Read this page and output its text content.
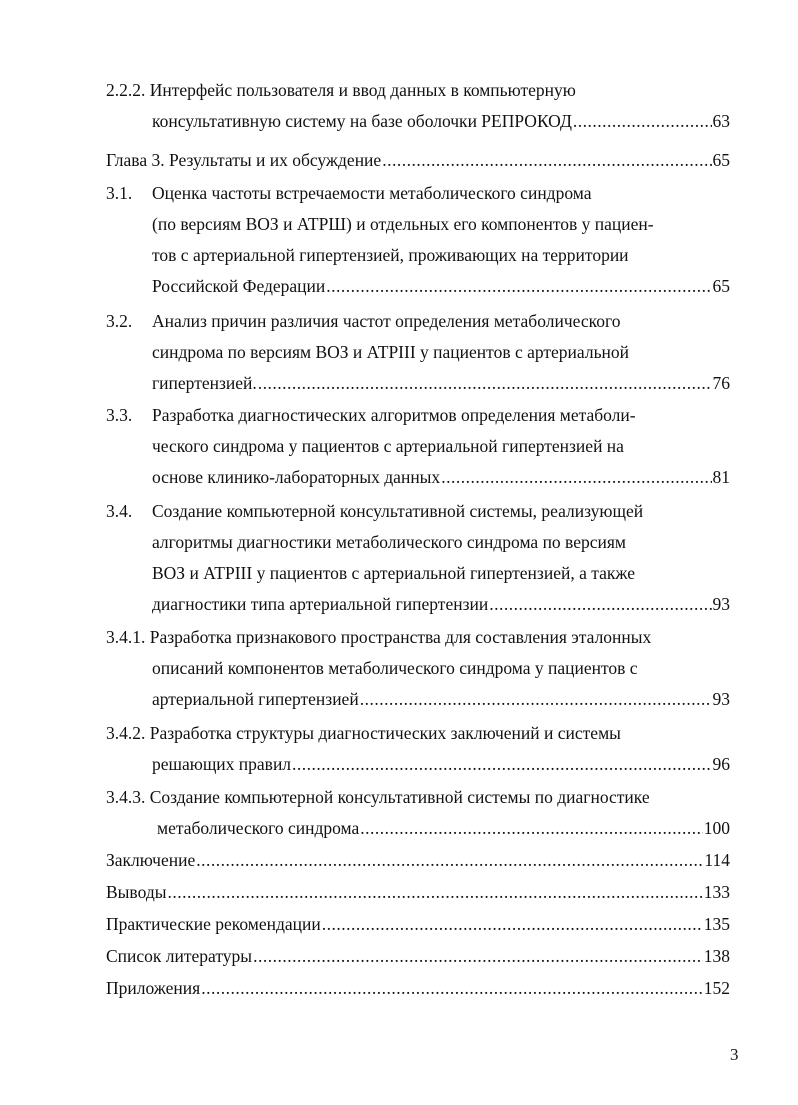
2.2.2. Интерфейс пользователя и ввод данных в компьютерную
консультативную систему на базе оболочки РЕПРОКОД .....	63
Глава 3. Результаты и их обсуждение .....	65
3.1. Оценка частоты встречаемости метаболического синдрома
(по версиям ВОЗ и АТРШ) и отдельных его компонентов у пациен-
тов с артериальной гипертензией, проживающих на территории
Российской Федерации .....	65
3.2. Анализ причин различия частот определения метаболического
синдрома по версиям ВОЗ и АТРIII у пациентов с артериальной
гипертензией. .....	76
3.3. Разработка диагностических алгоритмов определения метаболи-
ческого синдрома у пациентов с артериальной гипертензией на
основе клинико-лабораторных данных .....	81
3.4. Создание компьютерной консультативной системы, реализующей
алгоритмы диагностики метаболического синдрома по версиям
ВОЗ и АТРIII у пациентов с артериальной гипертензией, а также
диагностики типа артериальной гипертензии .....	93
3.4.1. Разработка признакового пространства для составления эталонных
описаний компонентов метаболического синдрома у пациентов с
артериальной гипертензией .....	93
3.4.2. Разработка структуры диагностических заключений и системы
решающих правил .....	96
3.4.3. Создание компьютерной консультативной системы по диагностике
метаболического синдрома .....	100
Заключение .....	114
Выводы .....	133
Практические рекомендации .....	135
Список литературы .....	138
Приложения .....	152
3
